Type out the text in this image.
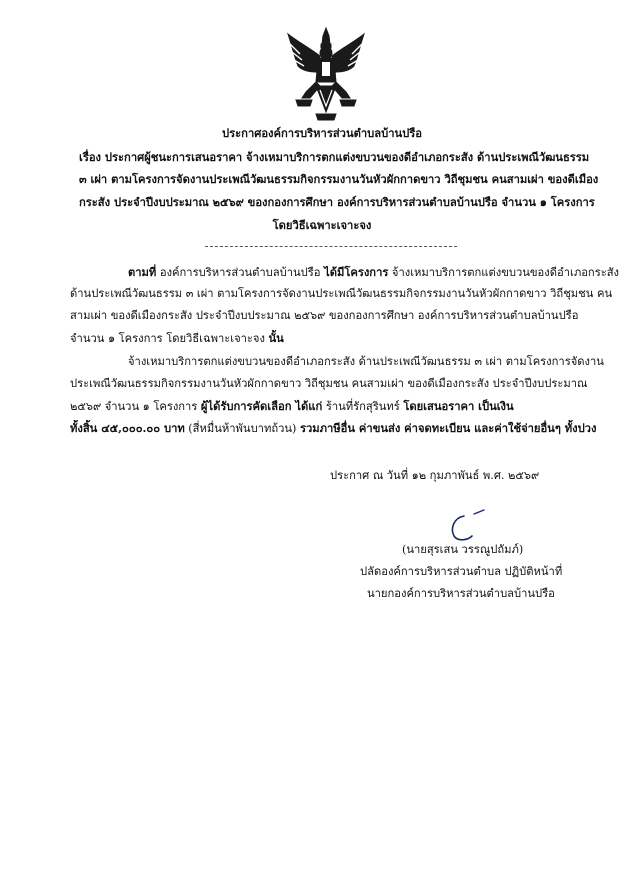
ประกาศองค์การบริหารส่วนตำบลบ้านปรือ
เรื่อง ประกาศผู้ชนะการเสนอราคา จ้างเหมาบริการตกแต่งขบวนของดีอำเภอกระสัง ด้านประเพณีวัฒนธรรม
๓ เผ่า ตามโครงการจัดงานประเพณีวัฒนธรรมกิจกรรมงานวันหัวผักกาดขาว วิถีชุมชน คนสามเผ่า ของดีเมือง
กระสัง ประจำปีงบประมาณ ๒๕๖๙ ของกองการศึกษา องค์การบริหารส่วนตำบลบ้านปรือ จำนวน ๑ โครงการ
โดยวิธีเฉพาะเจาะจง
ตามที่ องค์การบริหารส่วนตำบลบ้านปรือ ได้มีโครงการ จ้างเหมาบริการตกแต่งขบวนของดีอำเภอกระสัง
ด้านประเพณีวัฒนธรรม ๓ เผ่า ตามโครงการจัดงานประเพณีวัฒนธรรมกิจกรรมงานวันหัวผักกาดขาว วิถีชุมชน คน
สามเผ่า ของดีเมืองกระสัง ประจำปีงบประมาณ ๒๕๖๙ ของกองการศึกษา องค์การบริหารส่วนตำบลบ้านปรือ
จำนวน ๑ โครงการ โดยวิธีเฉพาะเจาะจง นั้น
จ้างเหมาบริการตกแต่งขบวนของดีอำเภอกระสัง ด้านประเพณีวัฒนธรรม ๓ เผ่า ตามโครงการจัดงาน
ประเพณีวัฒนธรรมกิจกรรมงานวันหัวผักกาดขาว วิถีชุมชน คนสามเผ่า ของดีเมืองกระสัง ประจำปีงบประมาณ
๒๕๖๙ จำนวน ๑ โครงการ ผู้ได้รับการคัดเลือก ได้แก่ ร้านที่รักสุรินทร์ โดยเสนอราคา เป็นเงิน
ทั้งสิ้น ๔๕,๐๐๐.๐๐ บาท (สี่หมื่นห้าพันบาทถ้วน) รวมภาษีอื่น ค่าขนส่ง ค่าจดทะเบียน และค่าใช้จ่ายอื่นๆ ทั้งปวง
ประกาศ ณ วันที่ ๑๒ กุมภาพันธ์ พ.ศ. ๒๕๖๙
(นายสุรเสน วรรณูปถัมภ์)
ปลัดองค์การบริหารส่วนตำบล ปฏิบัติหน้าที่
นายกองค์การบริหารส่วนตำบลบ้านปรือ
